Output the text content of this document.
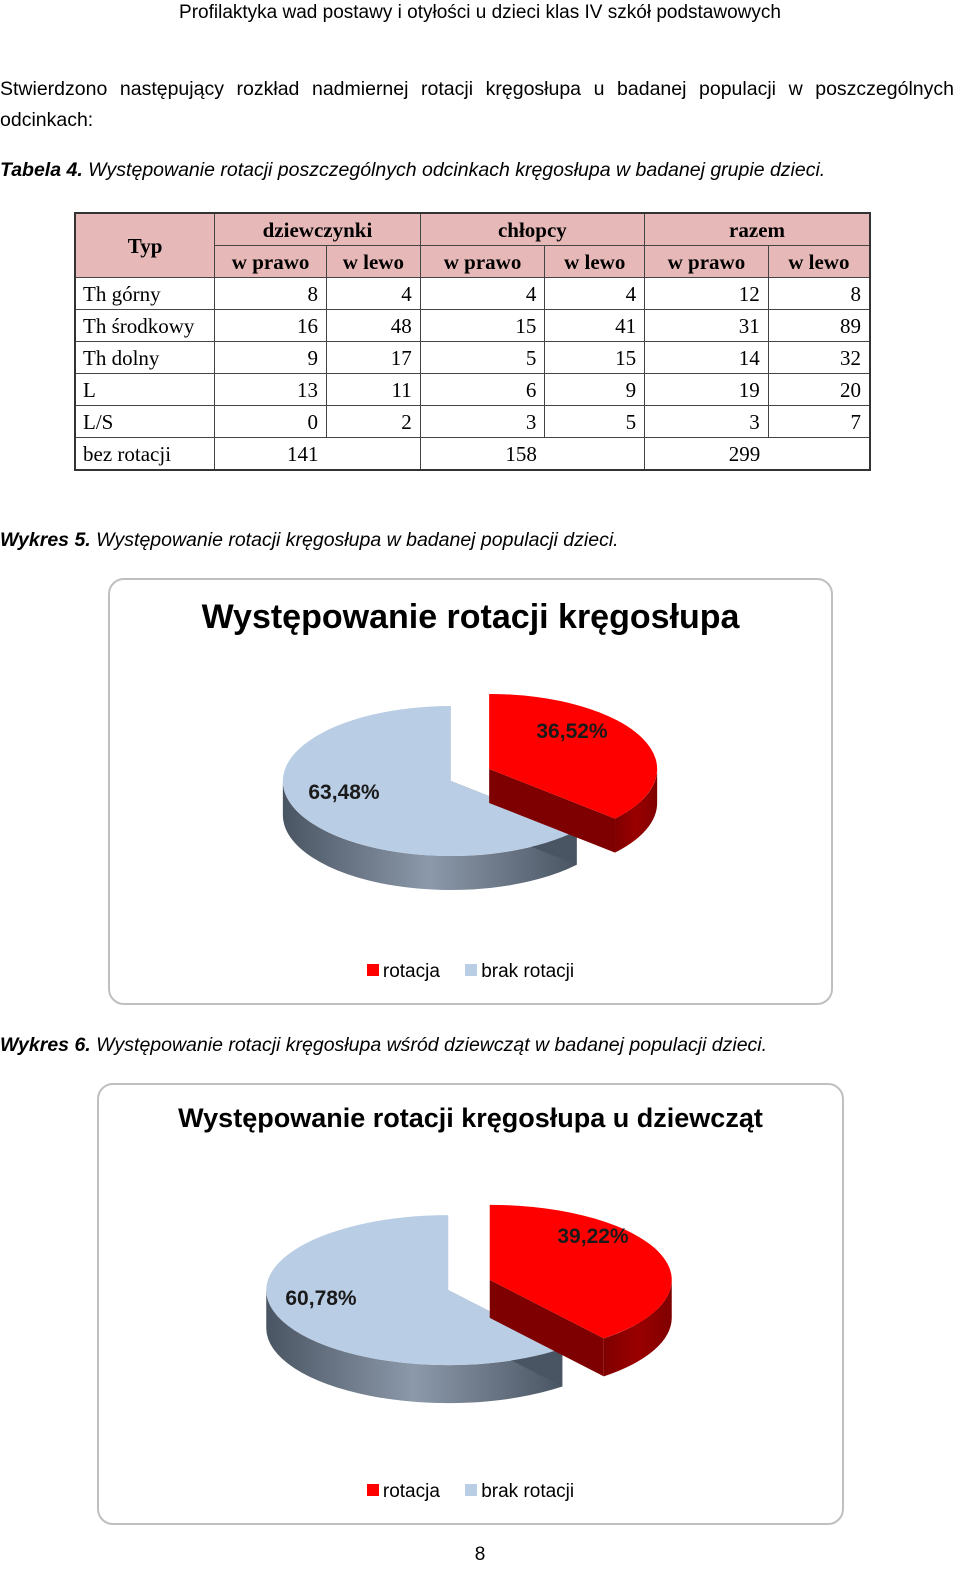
Profilaktyka wad postawy i otyłości u dzieci klas IV szkół podstawowych
Stwierdzono następujący rozkład nadmiernej rotacji kręgosłupa u badanej populacji w poszczególnych odcinkach:
Tabela 4. Występowanie rotacji poszczególnych odcinkach kręgosłupa w badanej grupie dzieci.
Typ	dziewczynki		chłopcy		razem	
	w prawo	w lewo	w prawo	w lewo	w prawo	w lewo
Th górny	8	4	4	4	12	8
Th środkowy	16	48	15	41	31	89
Th dolny	9	17	5	15	14	32
L	13	11	6	9	19	20
L/S	0	2	3	5	3	7
bez rotacji	141		158		299	
Wykres 5. Występowanie rotacji kręgosłupa w badanej populacji dzieci.
Występowanie rotacji kręgosłupa
36,52%
63,48%
rotacja brak rotacji
Wykres 6. Występowanie rotacji kręgosłupa wśród dziewcząt w badanej populacji dzieci.
Występowanie rotacji kręgosłupa u dziewcząt
39,22%
60,78%
rotacja brak rotacji
8
